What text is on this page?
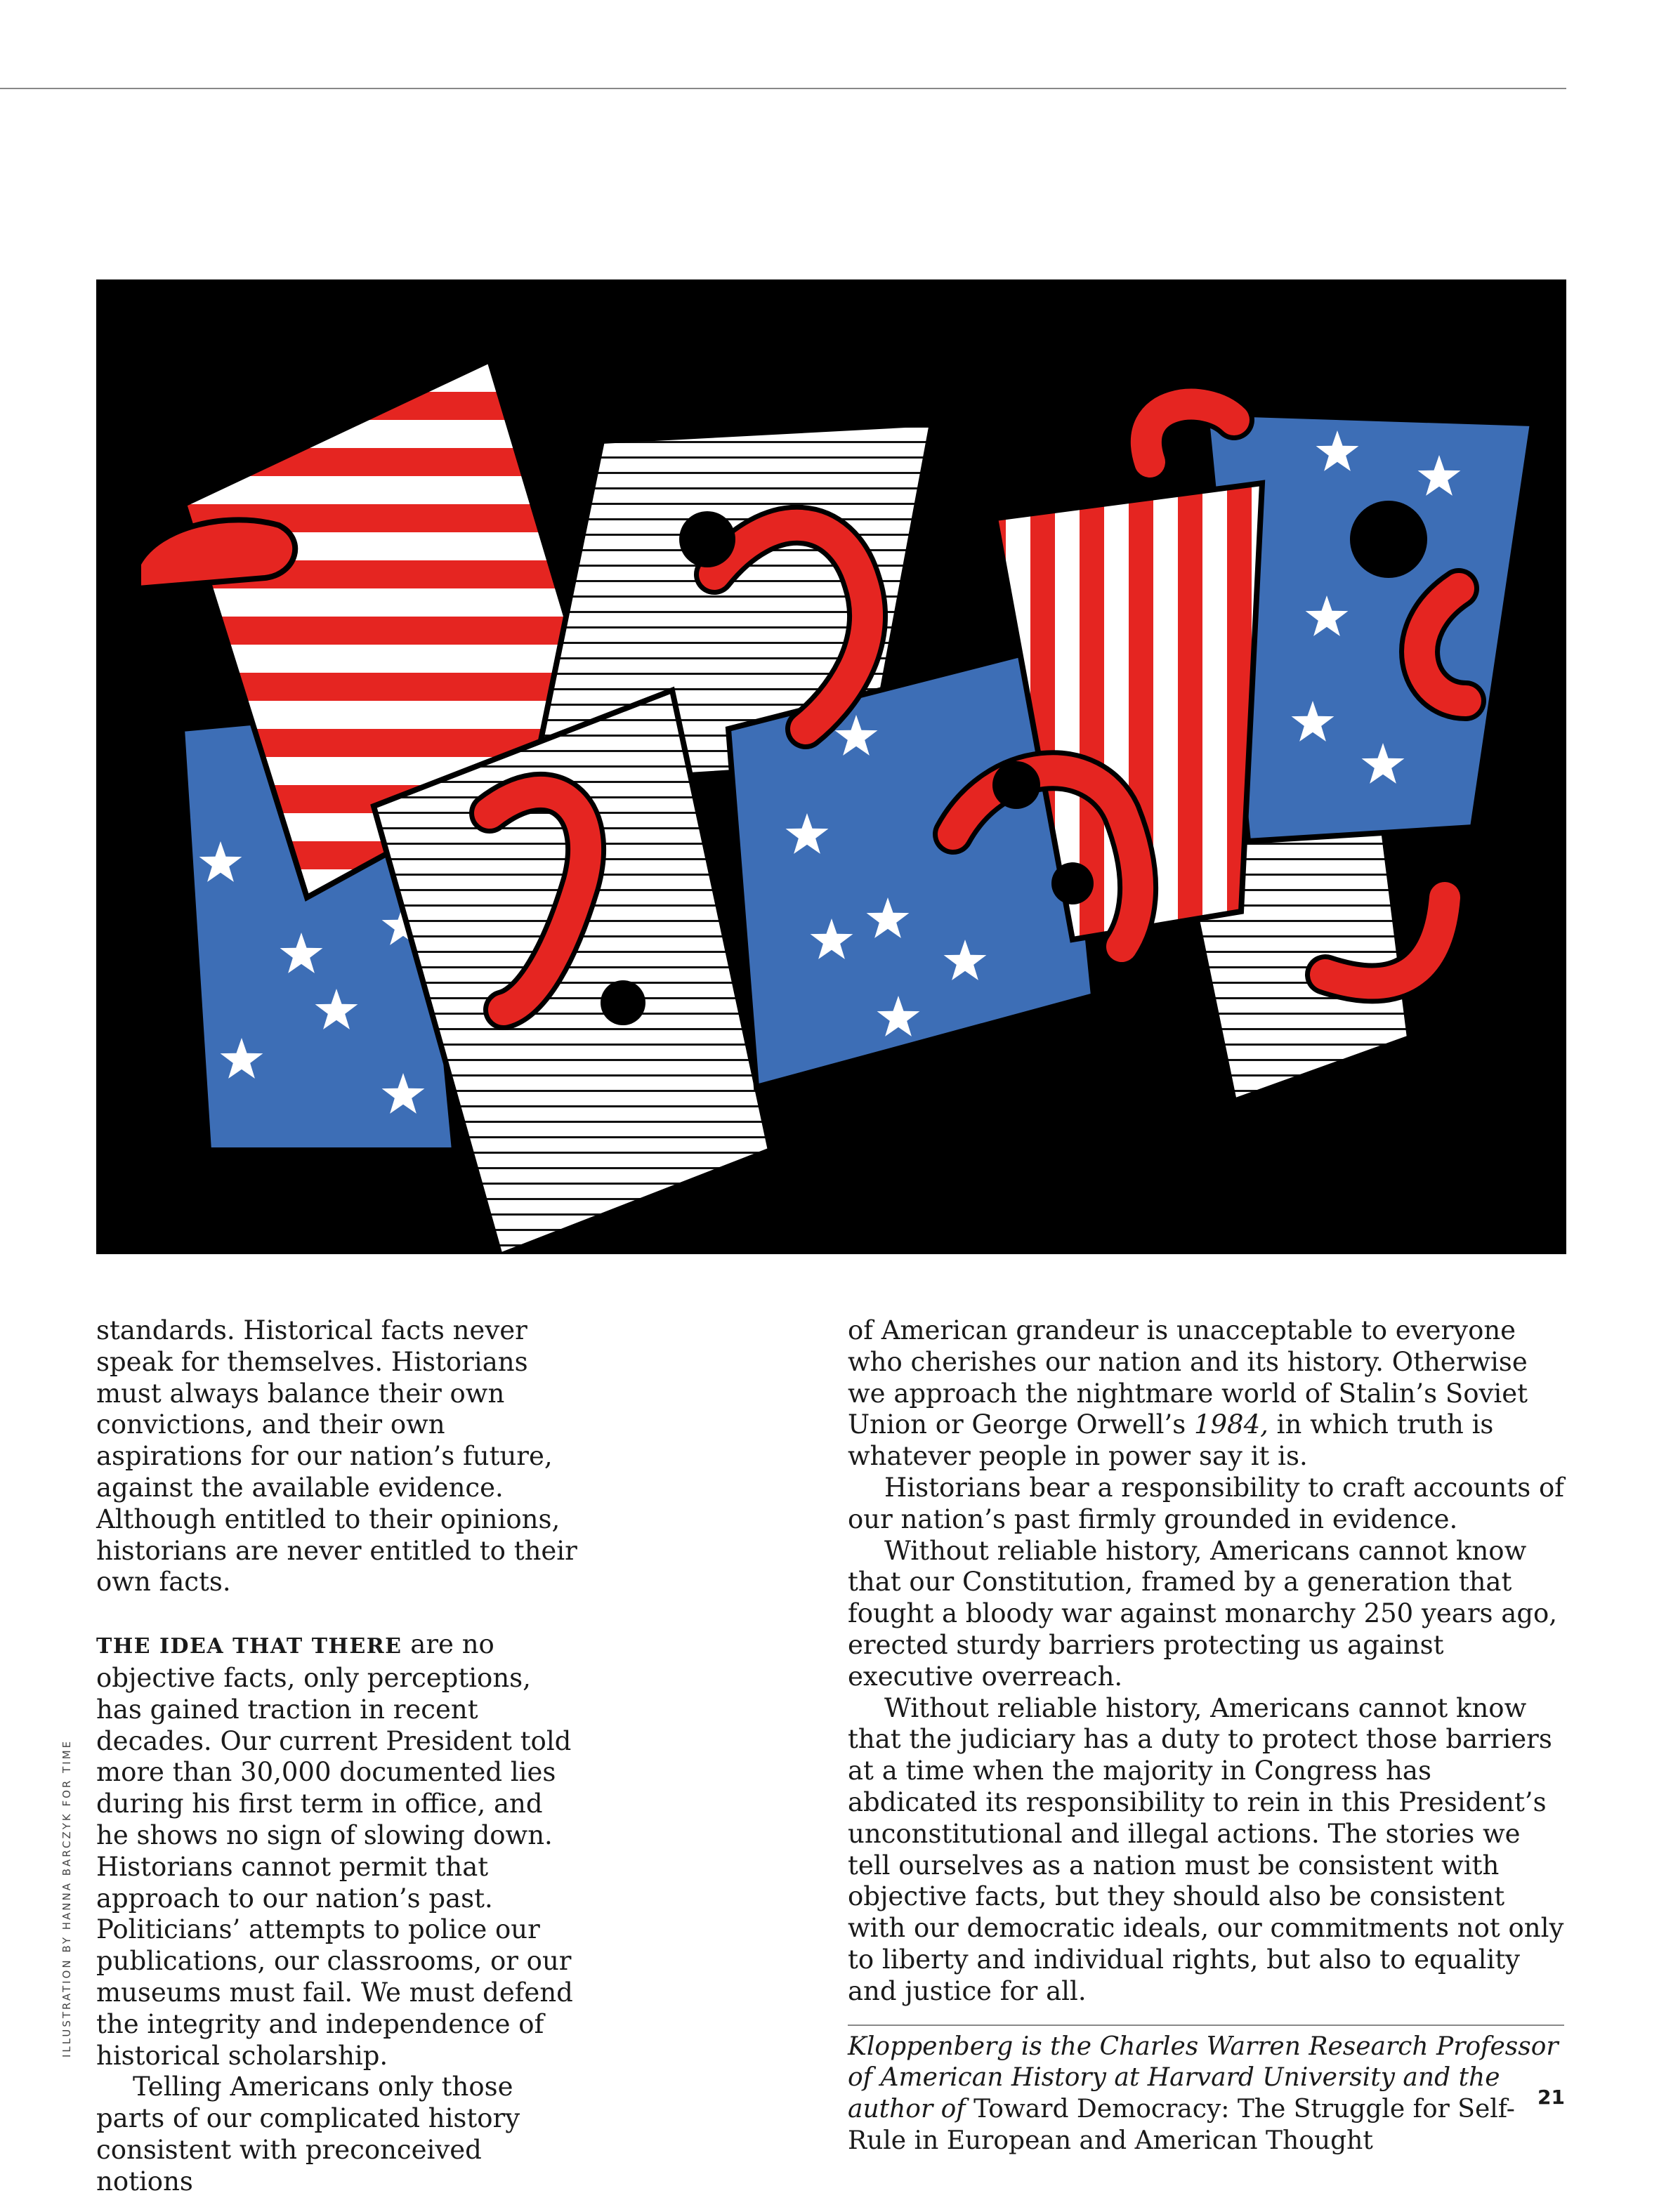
ILLUSTRATION BY HANNA BARCZYK FOR TIME

standards. Historical facts never speak for themselves. Historians must always balance their own convictions, and their own aspirations for our nation’s future, against the available evidence. Although entitled to their opinions, historians are never entitled to their own facts.

THE IDEA THAT THERE are no objective facts, only perceptions, has gained traction in recent decades. Our current President told more than 30,000 documented lies during his first term in office, and he shows no sign of slowing down. Historians cannot permit that approach to our nation’s past. Politicians’ attempts to police our publications, our classrooms, or our museums must fail. We must defend the integrity and independence of historical scholarship.

Telling Americans only those parts of our complicated history consistent with preconceived notions

of American grandeur is unacceptable to everyone who cherishes our nation and its history. Otherwise we approach the nightmare world of Stalin’s Soviet Union or George Orwell’s 1984, in which truth is whatever people in power say it is.

Historians bear a responsibility to craft accounts of our nation’s past firmly grounded in evidence.

Without reliable history, Americans cannot know that our Constitution, framed by a generation that fought a bloody war against monarchy 250 years ago, erected sturdy barriers protecting us against executive overreach.

Without reliable history, Americans cannot know that the judiciary has a duty to protect those barriers at a time when the majority in Congress has abdicated its responsibility to rein in this President’s unconstitutional and illegal actions. The stories we tell ourselves as a nation must be consistent with objective facts, but they should also be consistent with our democratic ideals, our commitments not only to liberty and individual rights, but also to equality and justice for all.

Kloppenberg is the Charles Warren Research Professor of American History at Harvard University and the author of Toward Democracy: The Struggle for Self-Rule in European and American Thought

21
